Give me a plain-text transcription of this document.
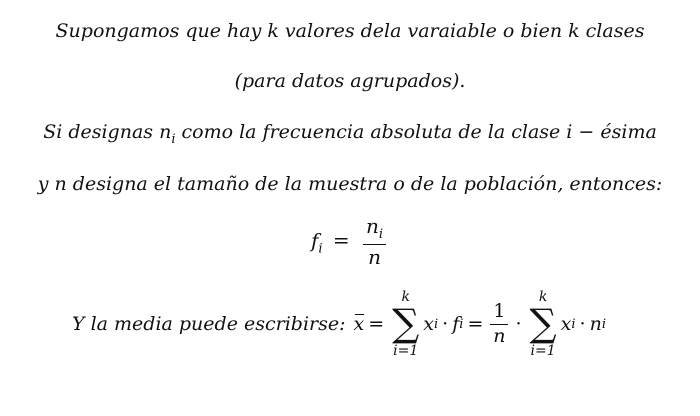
Supongamos que hay k valores dela varaiable o bien k clases
(para datos agrupados).
Si designas $n_i$ como la frecuencia absoluta de la clase i − ésima
y n designa el tamaño de la muestra o de la población, entonces:
$f_i = \frac{n_i}{n}$
Y la media puede escribirse: x =
k
∑
i=1
x i · f $i = \frac{1}{n}$ ·
k
∑
i=1
x i · n i
